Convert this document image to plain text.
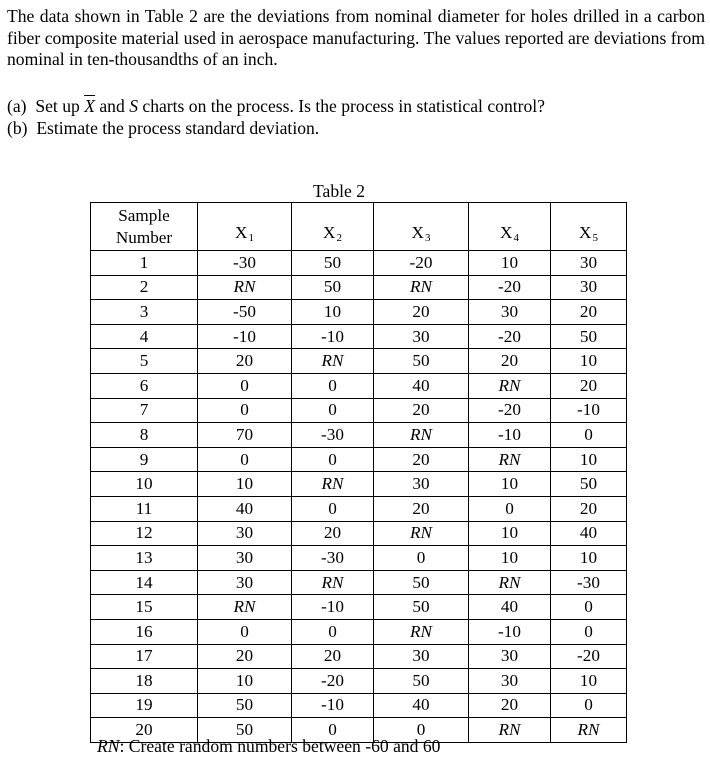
The data shown in Table 2 are the deviations from nominal diameter for holes drilled in a carbon fiber composite material used in aerospace manufacturing. The values reported are deviations from nominal in ten-thousandths of an inch.

(a) Set up $\overline{X}$ and S charts on the process. Is the process in statistical control?
(b) Estimate the process standard deviation.
Table 2
Sample
Number	$X_1$	$X_2$	$X_3$	$X_4$	$X_5$
1	-30	50	-20	10	30
2	RN	50	RN	-20	30
3	-50	10	20	30	20
4	-10	-10	30	-20	50
5	20	RN	50	20	10
6	0	0	40	RN	20
7	0	0	20	-20	-10
8	70	-30	RN	-10	0
9	0	0	20	RN	10
10	10	RN	30	10	50
11	40	0	20	0	20
12	30	20	RN	10	40
13	30	-30	0	10	10
14	30	RN	50	RN	-30
15	RN	-10	50	40	0
16	0	0	RN	-10	0
17	20	20	30	30	-20
18	10	-20	50	30	10
19	50	-10	40	20	0
20	50	0	0	RN	RN
RN: Create random numbers between -60 and 60
